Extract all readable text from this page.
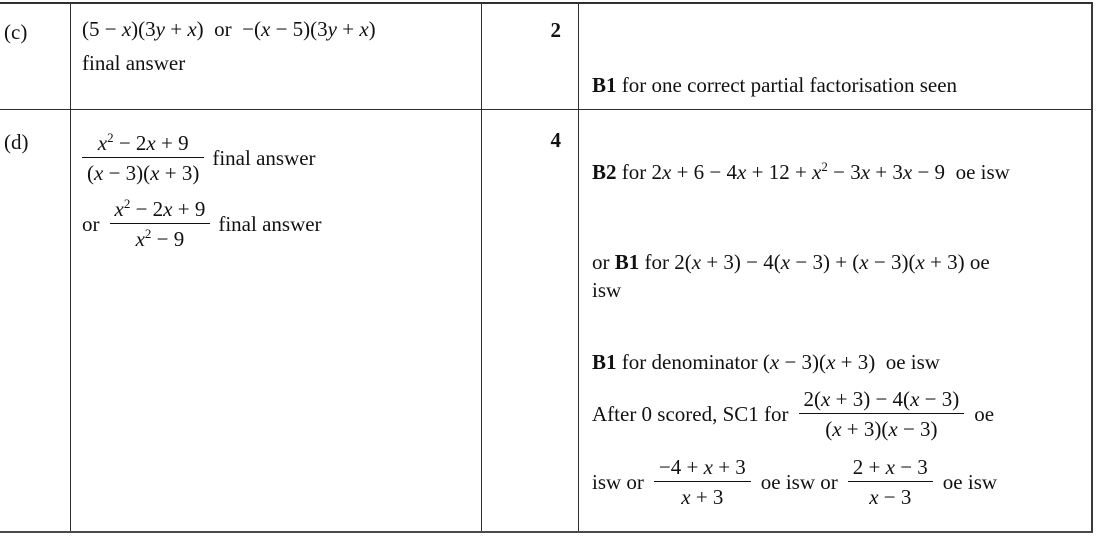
(c)	(5 − x)(3y + x)  or  −(x − 5)(3y + x)
final answer
2
B1 for one correct partial factorisation seen
(d)	$\frac{x^2 - 2x + 9}{(x - 3)(x + 3)}$ final answer
or $\frac{x^2 - 2x + 9}{x^2 - 9}$ final answer
4
B2 for $2x + 6 - 4x + 12 + x^2 - 3x + 3x - 9$  oe isw
or B1 for 2(x + 3) − 4(x − 3) + (x − 3)(x + 3) oe
isw
B1 for denominator (x − 3)(x + 3)  oe isw
After 0 scored, SC1 for $\frac{2(x + 3) - 4(x - 3)}{(x + 3)(x - 3)}$ oe
isw or $\frac{-4 + x + 3}{x + 3}$ oe isw or $\frac{2 + x - 3}{x - 3}$ oe isw
